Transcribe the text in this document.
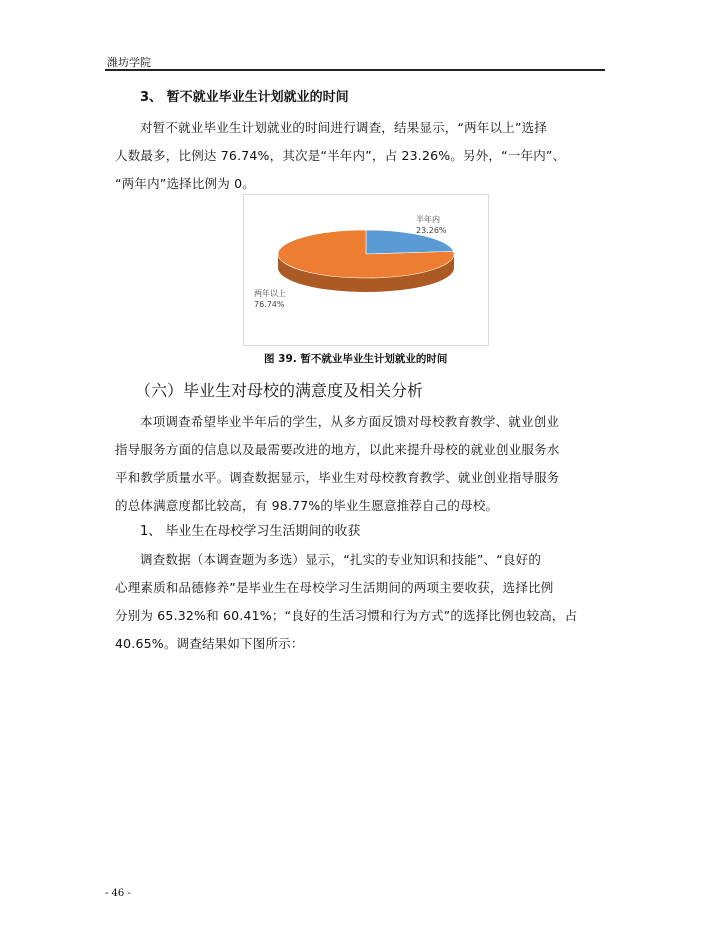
潍坊学院
3、 暂不就业毕业生计划就业的时间
对暂不就业毕业生计划就业的时间进行调查，结果显示，“两年以上”选择
人数最多，比例达 76.74%，其次是“半年内”，占 23.26%。另外，“一年内”、
“两年内”选择比例为 0。
半年内
23.26%
两年以上
76.74%
图 39. 暂不就业毕业生计划就业的时间
（六）毕业生对母校的满意度及相关分析
本项调查希望毕业半年后的学生，从多方面反馈对母校教育教学、就业创业
指导服务方面的信息以及最需要改进的地方，以此来提升母校的就业创业服务水
平和教学质量水平。调查数据显示，毕业生对母校教育教学、就业创业指导服务
的总体满意度都比较高，有 98.77%的毕业生愿意推荐自己的母校。
1、 毕业生在母校学习生活期间的收获
调查数据（本调查题为多选）显示，“扎实的专业知识和技能”、“良好的
心理素质和品德修养”是毕业生在母校学习生活期间的两项主要收获，选择比例
分别为 65.32%和 60.41%；“良好的生活习惯和行为方式”的选择比例也较高，占
40.65%。调查结果如下图所示：
- 46 -
